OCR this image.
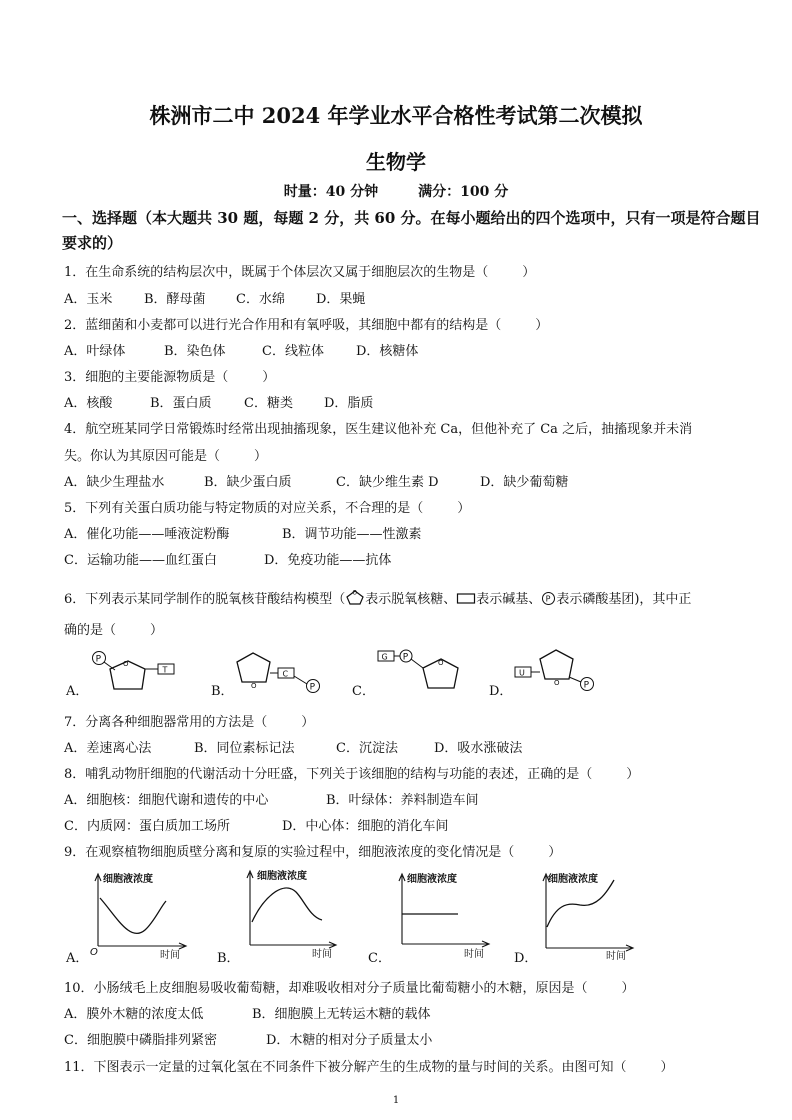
株洲市二中 2024 年学业水平合格性考试第二次模拟
生物学
时量：40 分钟	满分：100 分
一、选择题（本大题共 30 题，每题 2 分，共 60 分。在每小题给出的四个选项中，只有一项是符合题目要求的）
1．在生命系统的结构层次中，既属于个体层次又属于细胞层次的生物是（	）
A．玉米 B．酵母菌 C．水绵 D．果蝇
2．蓝细菌和小麦都可以进行光合作用和有氧呼吸，其细胞中都有的结构是（	）
A．叶绿体	B．染色体	C．线粒体 D．核糖体
3．细胞的主要能源物质是（	）
A．核酸	B．蛋白质 C．糖类 D．脂质
4．航空班某同学日常锻炼时经常出现抽搐现象，医生建议他补充 Ca，但他补充了 Ca 之后，抽搐现象并未消
失。你认为其原因可能是（	）
A．缺少生理盐水	B．缺少蛋白质	C．缺少维生素 D	D．缺少葡萄糖
5．下列有关蛋白质功能与特定物质的对应关系，不合理的是（	）
A．催化功能——唾液淀粉酶	B．调节功能——性激素
C．运输功能——血红蛋白	D．免疫功能——抗体
6．下列表示某同学制作的脱氧核苷酸结构模型（ O 表示脱氧核糖、 表示碱基、 P 表示磷酸基团)，其中正
确的是（	）
A．
P	O
T
B． O
C
P	C．
G P
O
D．
U
O	P
7．分离各种细胞器常用的方法是（	）
A．差速离心法	B．同位素标记法	C．沉淀法	D．吸水涨破法
8．哺乳动物肝细胞的代谢活动十分旺盛，下列关于该细胞的结构与功能的表述，正确的是（	）
A．细胞核：细胞代谢和遗传的中心	B．叶绿体：养料制造车间
C．内质网：蛋白质加工场所	D．中心体：细胞的消化车间
9．在观察植物细胞质壁分离和复原的实验过程中，细胞液浓度的变化情况是（	）
A．
细胞液浓度
O	时间	B．
细胞液浓度
时间	C．
细胞液浓度
时间 D．
细胞液浓度
时间
10．小肠绒毛上皮细胞易吸收葡萄糖，却难吸收相对分子质量比葡萄糖小的木糖，原因是（	）
A．膜外木糖的浓度太低	B．细胞膜上无转运木糖的载体
C．细胞膜中磷脂排列紧密	D．木糖的相对分子质量太小
11．下图表示一定量的过氧化氢在不同条件下被分解产生的生成物的量与时间的关系。由图可知（	）
1
